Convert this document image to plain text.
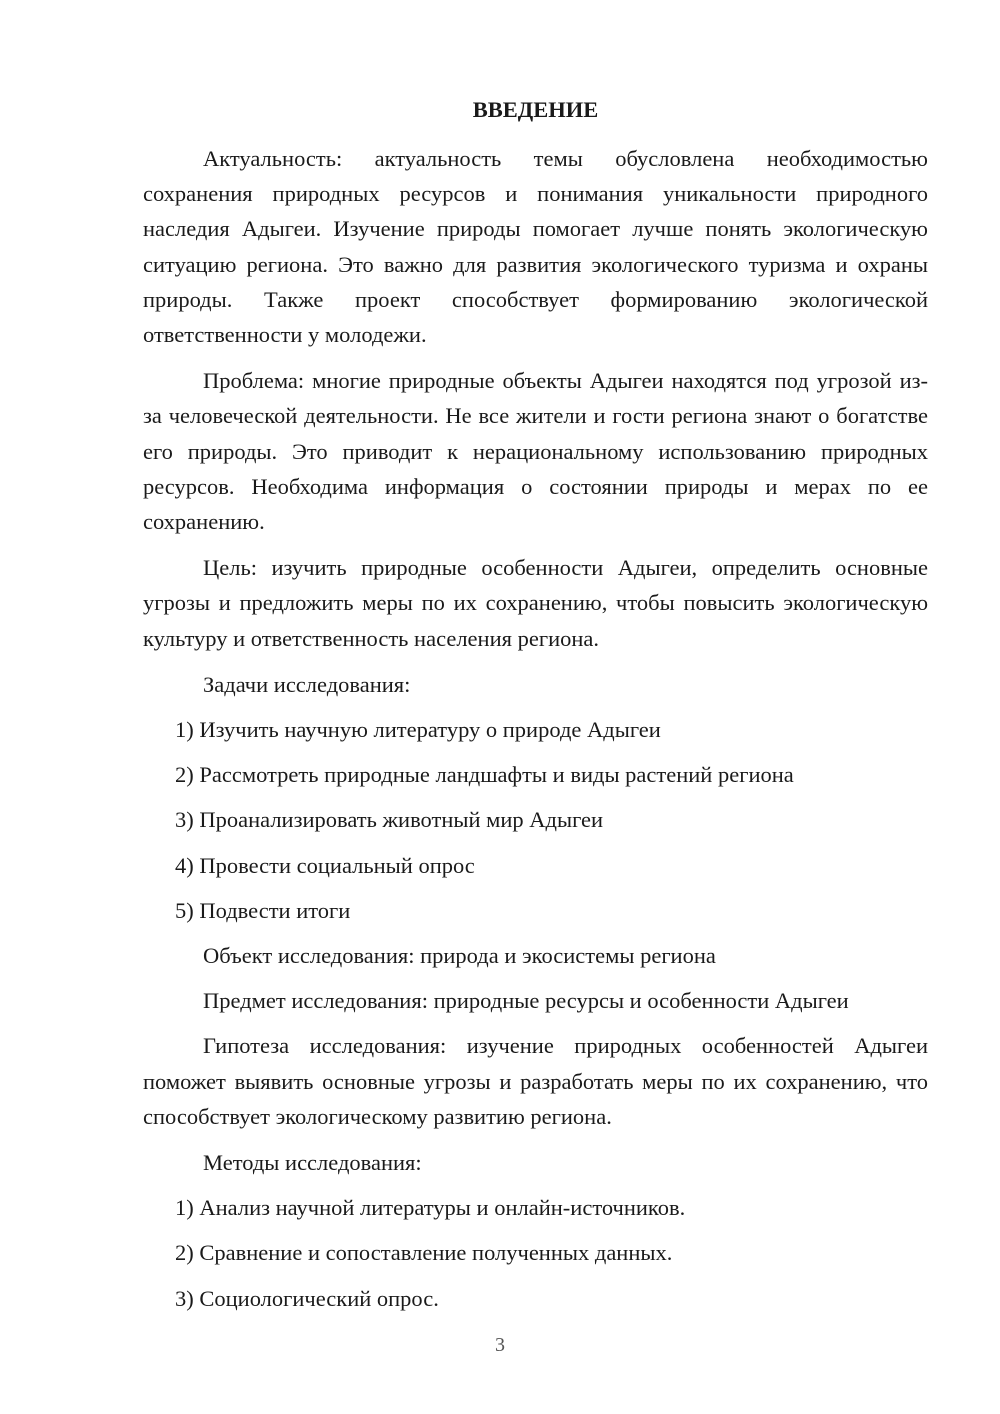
ВВЕДЕНИЕ

Актуальность: актуальность темы обусловлена необходимостью сохранения природных ресурсов и понимания уникальности природного наследия Адыгеи. Изучение природы помогает лучше понять экологическую ситуацию региона. Это важно для развития экологического туризма и охраны природы. Также проект способствует формированию экологической ответственности у молодежи.

Проблема: многие природные объекты Адыгеи находятся под угрозой из-за человеческой деятельности. Не все жители и гости региона знают о богатстве его природы. Это приводит к нерациональному использованию природных ресурсов. Необходима информация о состоянии природы и мерах по ее сохранению.

Цель: изучить природные особенности Адыгеи, определить основные угрозы и предложить меры по их сохранению, чтобы повысить экологическую культуру и ответственность населения региона.

Задачи исследования:

1) Изучить научную литературу о природе Адыгеи
2) Рассмотреть природные ландшафты и виды растений региона
3) Проанализировать животный мир Адыгеи
4) Провести социальный опрос
5) Подвести итоги

Объект исследования: природа и экосистемы региона

Предмет исследования: природные ресурсы и особенности Адыгеи

Гипотеза исследования: изучение природных особенностей Адыгеи поможет выявить основные угрозы и разработать меры по их сохранению, что способствует экологическому развитию региона.

Методы исследования:

1) Анализ научной литературы и онлайн-источников.
2) Сравнение и сопоставление полученных данных.
3) Социологический опрос.
3
